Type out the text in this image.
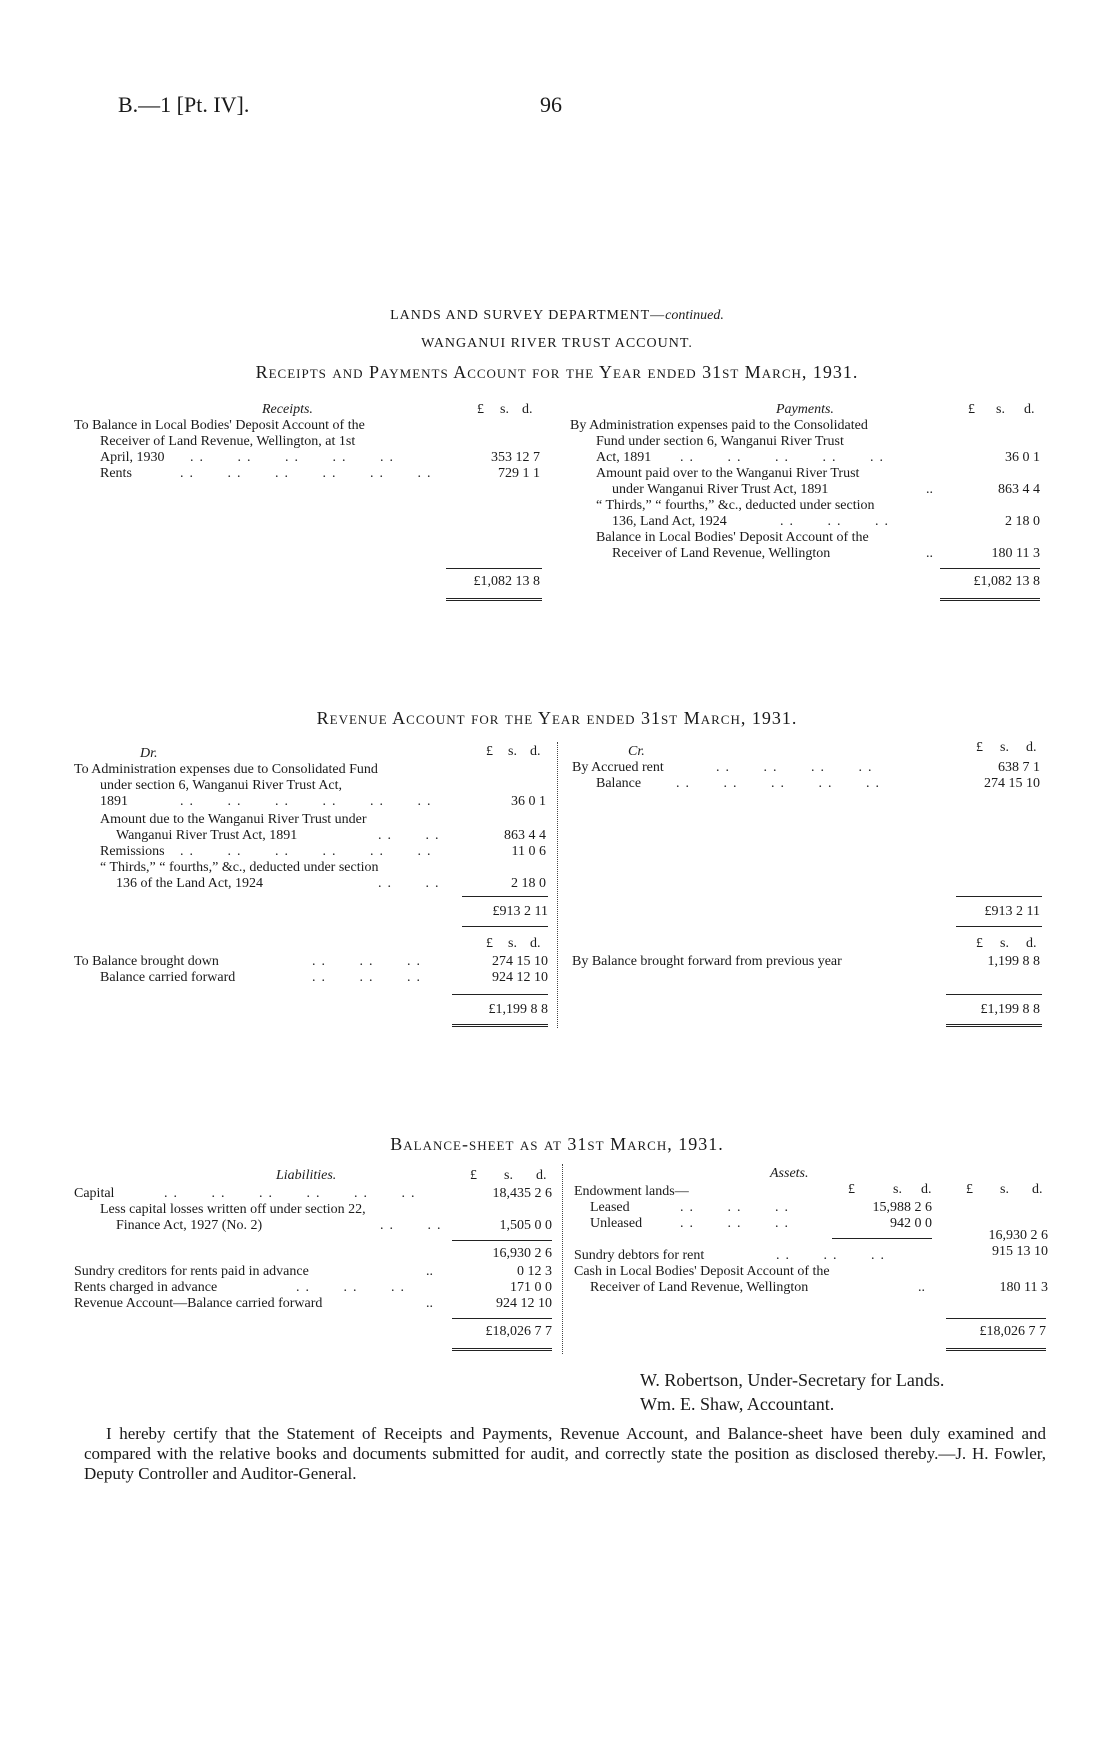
B.—1 [Pt. IV].	96
LANDS AND SURVEY DEPARTMENT—continued.
WANGANUI RIVER TRUST ACCOUNT.
Receipts and Payments Account for the Year ended 31st March, 1931.
Receipts.	£ s. d.
To Balance in Local Bodies' Deposit Account of the
Receiver of Land Revenue, Wellington, at 1st
April, 1930 ..   ..   ..   ..   ..	353 12 7
Rents	..   ..   ..   ..   ..   ..	729 1 1
£1,082 13 8
Payments.	£ s. d.
By Administration expenses paid to the Consolidated
Fund under section 6, Wanganui River Trust
Act, 1891 ..   ..   ..   ..   ..	36 0 1
Amount paid over to the Wanganui River Trust
under Wanganui River Trust Act, 1891	..	863 4 4
“ Thirds,” “ fourths,” &c., deducted under section
136, Land Act, 1924	..   ..   ..	2 18 0
Balance in Local Bodies' Deposit Account of the
Receiver of Land Revenue, Wellington	..	180 11 3
£1,082 13 8
Revenue Account for the Year ended 31st March, 1931.
Dr.	£ s. d.
To Administration expenses due to Consolidated Fund
under section 6, Wanganui River Trust Act,
1891	..   ..   ..   ..   ..   ..	36 0 1
Amount due to the Wanganui River Trust under
Wanganui River Trust Act, 1891	..   ..	863 4 4
Remissions ..   ..   ..   ..   ..   ..	11 0 6
“ Thirds,” “ fourths,” &c., deducted under section
136 of the Land Act, 1924	..   ..	2 18 0
£913 2 11
£ s. d.
To Balance brought down	..   ..   ..	274 15 10
Balance carried forward	..   ..   ..	924 12 10
£1,199 8 8
Cr.	£ s. d.
By Accrued rent	..   ..   ..   ..	638 7 1
Balance ..   ..   ..   ..   ..	274 15 10
£913 2 11
£ s. d.
By Balance brought forward from previous year	1,199 8 8
£1,199 8 8
Balance-sheet as at 31st March, 1931.
Liabilities.	£ s. d.
Capital	..   ..   ..   ..   ..   ..	18,435 2 6
Less capital losses written off under section 22,
Finance Act, 1927 (No. 2)	..   ..	1,505 0 0
16,930 2 6
Sundry creditors for rents paid in advance	..	0 12 3
Rents charged in advance	..   ..   ..	171 0 0
Revenue Account—Balance carried forward	..	924 12 10
£18,026 7 7
Assets.
£	s. d. £ s. d.
Endowment lands—
Leased	..   ..   ..	15,988 2 6
Unleased	..   ..   ..	942 0 0
16,930 2 6
Sundry debtors for rent	..   ..   ..	915 13 10
Cash in Local Bodies' Deposit Account of the
Receiver of Land Revenue, Wellington	..	180 11 3
£18,026 7 7
W. Robertson, Under-Secretary for Lands.
Wm. E. Shaw, Accountant.
I hereby certify that the Statement of Receipts and Payments, Revenue Account, and Balance-sheet have been duly examined and compared with the relative books and documents submitted for audit, and correctly state the position as disclosed thereby.—J. H. Fowler, Deputy Controller and Auditor-General.
